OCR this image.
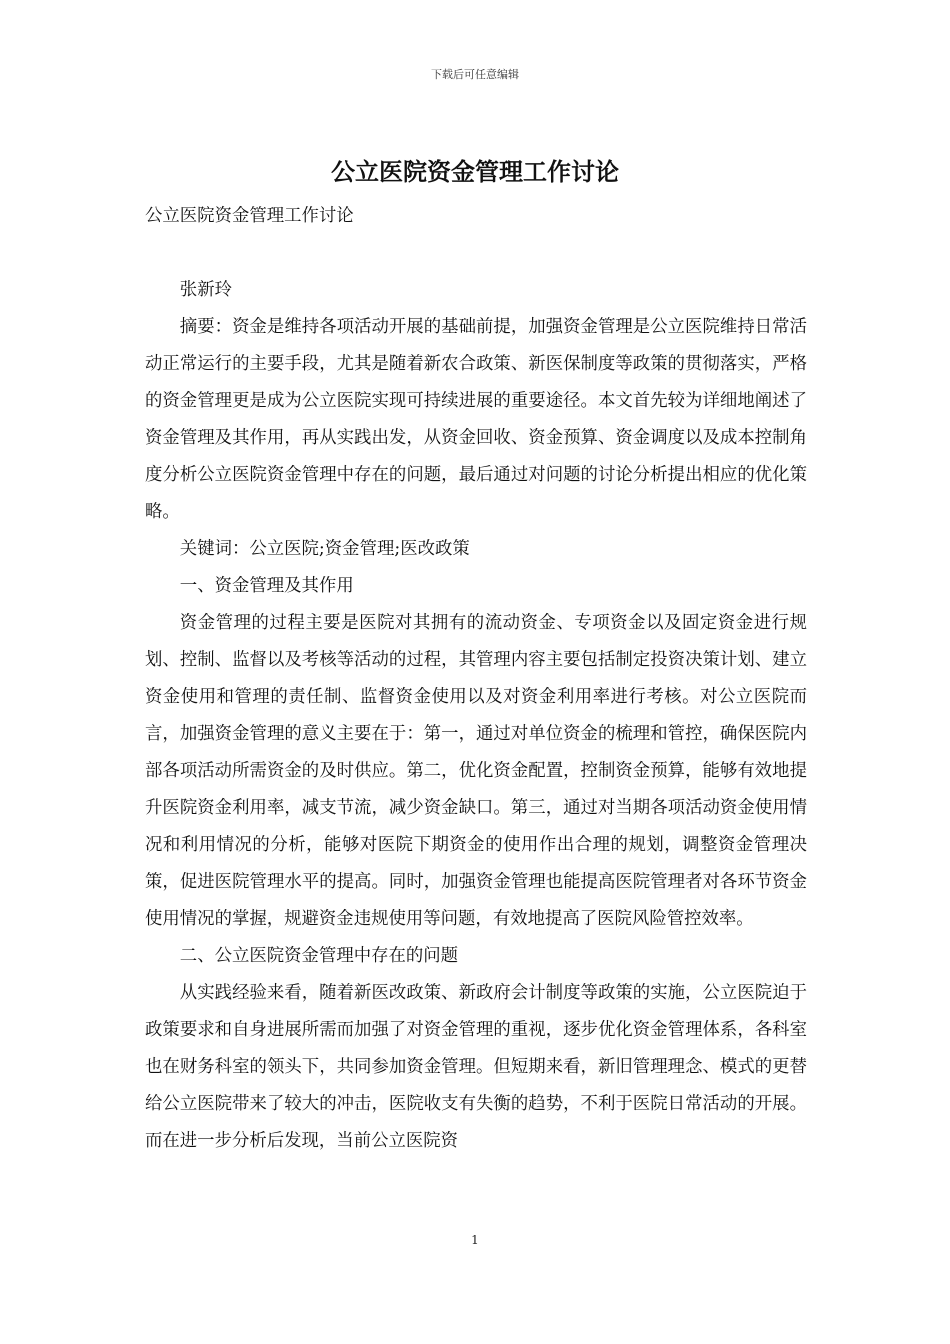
下载后可任意编辑
公立医院资金管理工作讨论

公立医院资金管理工作讨论

张新玲

摘要：资金是维持各项活动开展的基础前提，加强资金管理是公立医院维持日常活动正常运行的主要手段，尤其是随着新农合政策、新医保制度等政策的贯彻落实，严格的资金管理更是成为公立医院实现可持续进展的重要途径。本文首先较为详细地阐述了资金管理及其作用，再从实践出发，从资金回收、资金预算、资金调度以及成本控制角度分析公立医院资金管理中存在的问题，最后通过对问题的讨论分析提出相应的优化策略。

关键词：公立医院;资金管理;医改政策

一、资金管理及其作用

资金管理的过程主要是医院对其拥有的流动资金、专项资金以及固定资金进行规划、控制、监督以及考核等活动的过程，其管理内容主要包括制定投资决策计划、建立资金使用和管理的责任制、监督资金使用以及对资金利用率进行考核。对公立医院而言，加强资金管理的意义主要在于：第一，通过对单位资金的梳理和管控，确保医院内部各项活动所需资金的及时供应。第二，优化资金配置，控制资金预算，能够有效地提升医院资金利用率，减支节流，减少资金缺口。第三，通过对当期各项活动资金使用情况和利用情况的分析，能够对医院下期资金的使用作出合理的规划，调整资金管理决策，促进医院管理水平的提高。同时，加强资金管理也能提高医院管理者对各环节资金使用情况的掌握，规避资金违规使用等问题，有效地提高了医院风险管控效率。

二、公立医院资金管理中存在的问题

从实践经验来看，随着新医改政策、新政府会计制度等政策的实施，公立医院迫于政策要求和自身进展所需而加强了对资金管理的重视，逐步优化资金管理体系，各科室也在财务科室的领头下，共同参加资金管理。但短期来看，新旧管理理念、模式的更替给公立医院带来了较大的冲击，医院收支有失衡的趋势，不利于医院日常活动的开展。而在进一步分析后发现，当前公立医院资

1
